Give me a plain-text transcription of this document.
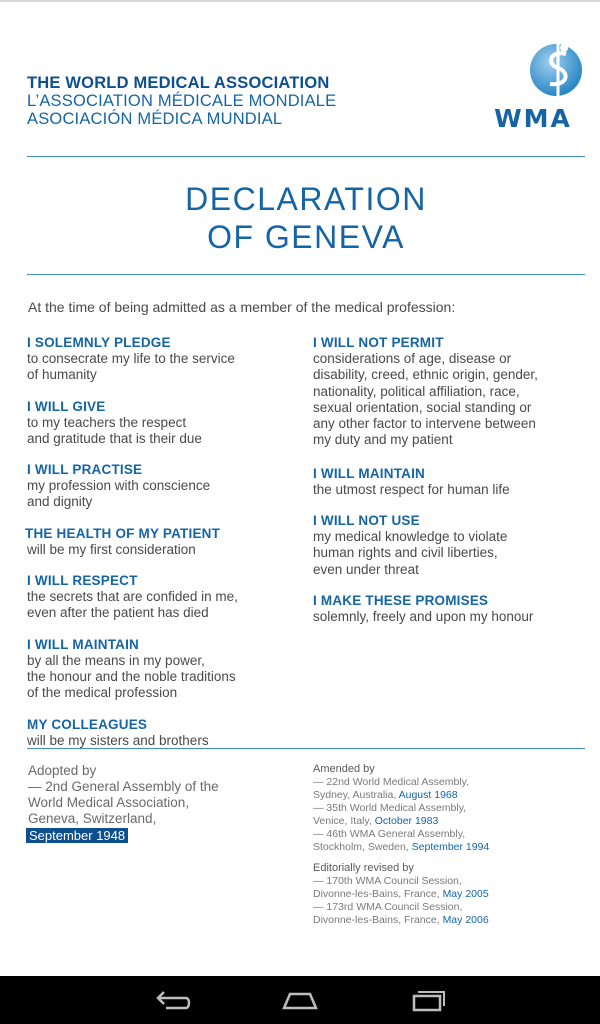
THE WORLD MEDICAL ASSOCIATION
L’ASSOCIATION MÉDICALE MONDIALE
ASOCIACIÓN MÉDICA MUNDIAL	WMA
DECLARATION
OF GENEVA
At the time of being admitted as a member of the medical profession:
I SOLEMNLY PLEDGE
to consecrate my life to the service
of humanity
I WILL GIVE
to my teachers the respect
and gratitude that is their due
I WILL PRACTISE
my profession with conscience
and dignity
THE HEALTH OF MY PATIENT
will be my first consideration
I WILL RESPECT
the secrets that are confided in me,
even after the patient has died
I WILL MAINTAIN
by all the means in my power,
the honour and the noble traditions
of the medical profession
MY COLLEAGUES
will be my sisters and brothers
I WILL NOT PERMIT
considerations of age, disease or
disability, creed, ethnic origin, gender,
nationality, political affiliation, race,
sexual orientation, social standing or
any other factor to intervene between
my duty and my patient
I WILL MAINTAIN
the utmost respect for human life
I WILL NOT USE
my medical knowledge to violate
human rights and civil liberties,
even under threat
I MAKE THESE PROMISES
solemnly, freely and upon my honour
Adopted by
— 2nd General Assembly of the
World Medical Association,
Geneva, Switzerland,
September 1948
Amended by
— 22nd World Medical Assembly,
Sydney, Australia, August 1968
— 35th World Medical Assembly,
Venice, Italy, October 1983
— 46th WMA General Assembly,
Stockholm, Sweden, September 1994
Editorially revised by
— 170th WMA Council Session,
Divonne-les-Bains, France, May 2005
— 173rd WMA Council Session,
Divonne-les-Bains, France, May 2006
